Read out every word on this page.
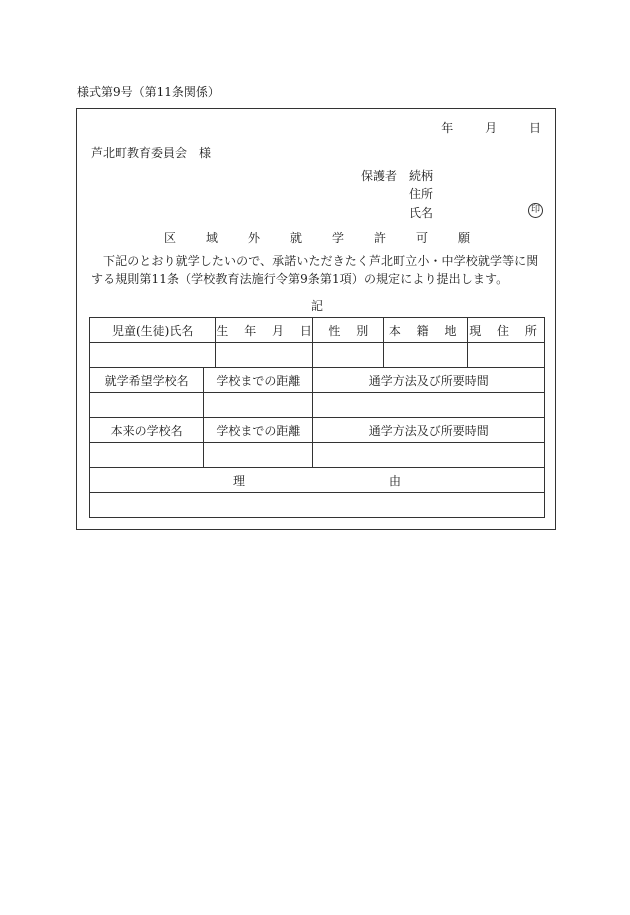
様式第9号（第11条関係）
年	月	日
芦北町教育委員会　様
保護者 続柄
住所
氏名	印
区	域	外	就	学	許	可	願
下記のとおり就学したいので、承諾いただきたく芦北町立小・中学校就学等に関する規則第11条（学校教育法施行令第9条第1項）の規定により提出します。
記
児童(生徒)氏名		生 年 月 日	性　 別	本 籍 地	現 住 所

就学希望学校名	学校までの距離		通学方法及び所要時間		

本来の学校名	学校までの距離		通学方法及び所要時間		

理 由					
